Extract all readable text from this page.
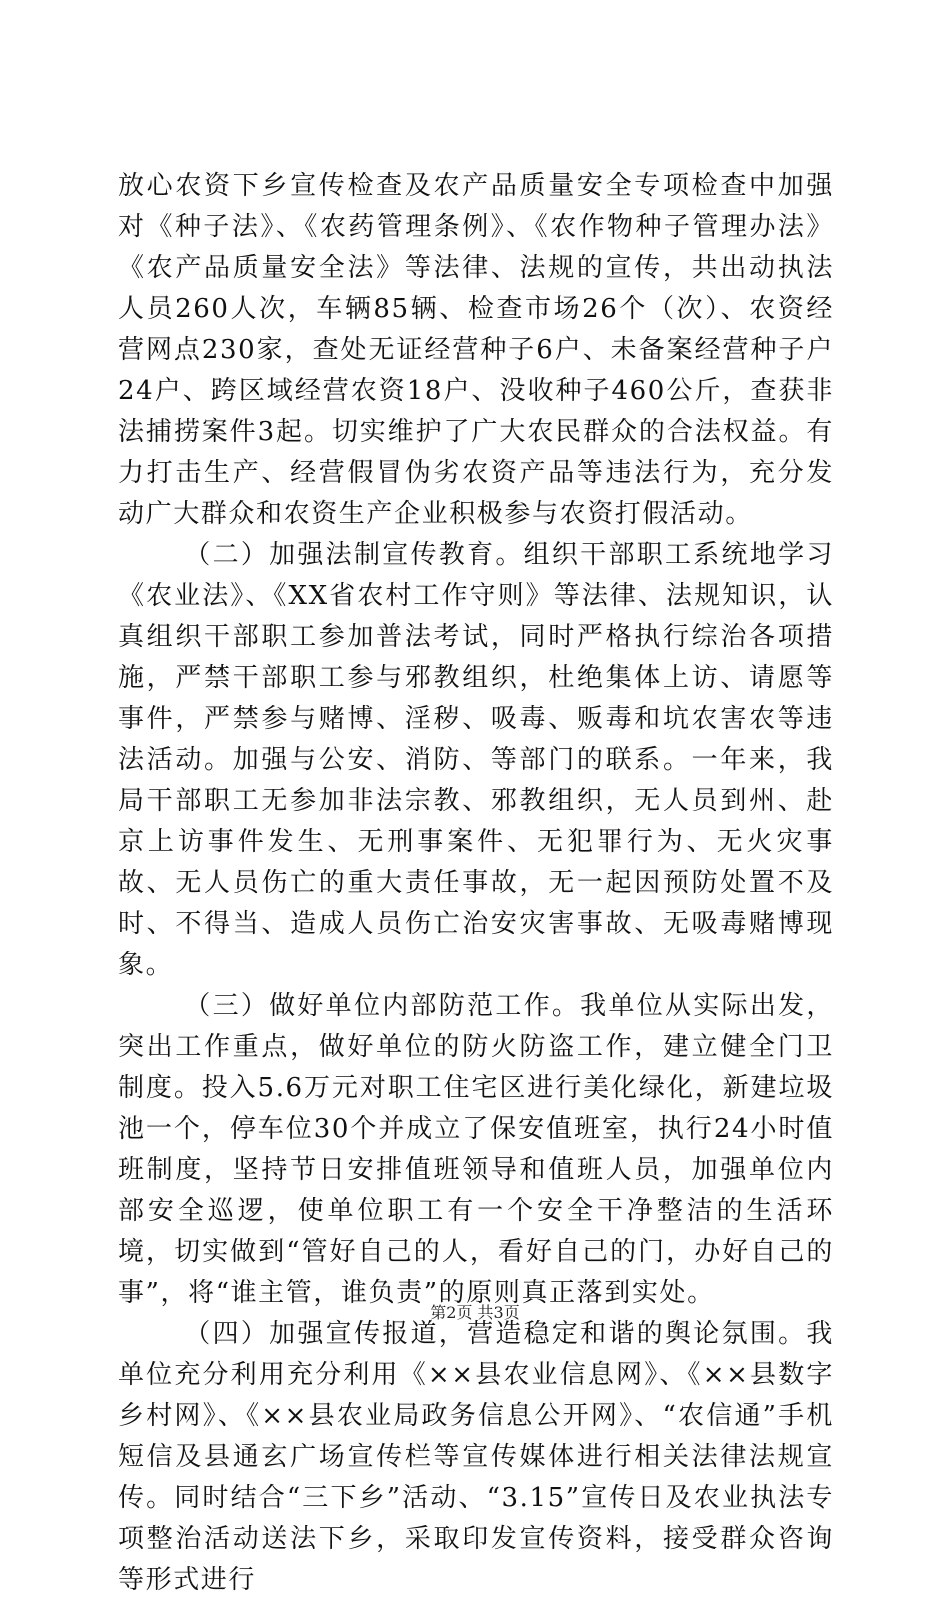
放心农资下乡宣传检查及农产品质量安全专项检查中加强对《种子法》、《农药管理条例》、《农作物种子管理办法》《农产品质量安全法》等法律、法规的宣传，共出动执法人员260人次，车辆85辆、检查市场26个（次）、农资经营网点230家，查处无证经营种子6户、未备案经营种子户24户、跨区域经营农资18户、没收种子460公斤，查获非法捕捞案件3起。切实维护了广大农民群众的合法权益。有力打击生产、经营假冒伪劣农资产品等违法行为，充分发动广大群众和农资生产企业积极参与农资打假活动。

（二）加强法制宣传教育。组织干部职工系统地学习《农业法》、《XX省农村工作守则》等法律、法规知识，认真组织干部职工参加普法考试，同时严格执行综治各项措施，严禁干部职工参与邪教组织，杜绝集体上访、请愿等事件，严禁参与赌博、淫秽、吸毒、贩毒和坑农害农等违法活动。加强与公安、消防、等部门的联系。一年来，我局干部职工无参加非法宗教、邪教组织，无人员到州、赴京上访事件发生、无刑事案件、无犯罪行为、无火灾事故、无人员伤亡的重大责任事故，无一起因预防处置不及时、不得当、造成人员伤亡治安灾害事故、无吸毒赌博现象。

（三）做好单位内部防范工作。我单位从实际出发，突出工作重点，做好单位的防火防盗工作，建立健全门卫制度。投入5.6万元对职工住宅区进行美化绿化，新建垃圾池一个，停车位30个并成立了保安值班室，执行24小时值班制度，坚持节日安排值班领导和值班人员，加强单位内部安全巡逻，使单位职工有一个安全干净整洁的生活环境，切实做到“管好自己的人，看好自己的门，办好自己的事”，将“谁主管，谁负责”的原则真正落到实处。

（四）加强宣传报道，营造稳定和谐的舆论氛围。我单位充分利用充分利用《××县农业信息网》、《××县数字乡村网》、《××县农业局政务信息公开网》、“农信通”手机短信及县通玄广场宣传栏等宣传媒体进行相关法律法规宣传。同时结合“三下乡”活动、“3.15”宣传日及农业执法专项整治活动送法下乡，采取印发宣传资料，接受群众咨询等形式进行

第2页 共3页
